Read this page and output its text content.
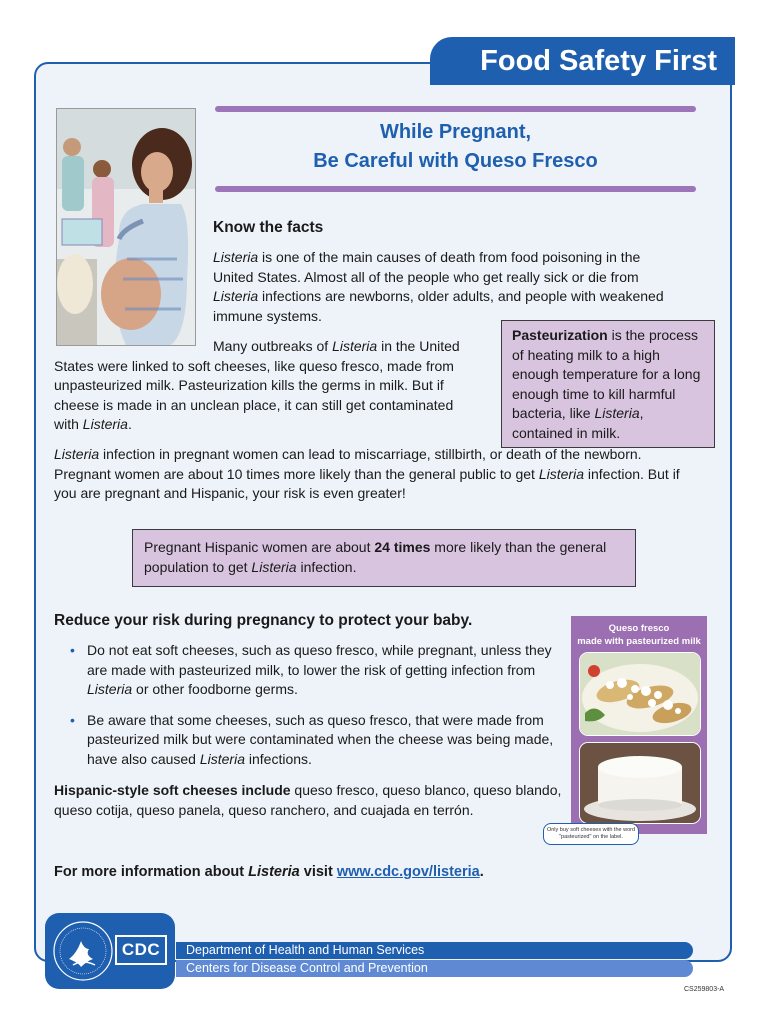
Food Safety First
While Pregnant,
Be Careful with Queso Fresco
Know the facts
Listeria is one of the main causes of death from food poisoning in the United States. Almost all of the people who get really sick or die from Listeria infections are newborns, older adults, and people with weakened immune systems.
Many outbreaks of Listeria in the United States were linked to soft cheeses, like queso fresco, made from unpasteurized milk. Pasteurization kills the germs in milk. But if cheese is made in an unclean place, it can still get contaminated with Listeria.
Pasteurization is the process of heating milk to a high enough temperature for a long enough time to kill harmful bacteria, like Listeria, contained in milk.
Listeria infection in pregnant women can lead to miscarriage, stillbirth, or death of the newborn. Pregnant women are about 10 times more likely than the general public to get Listeria infection. But if you are pregnant and Hispanic, your risk is even greater!
Pregnant Hispanic women are about 24 times more likely than the general population to get Listeria infection.
Reduce your risk during pregnancy to protect your baby.
• Do not eat soft cheeses, such as queso fresco, while pregnant, unless they are made with pasteurized milk, to lower the risk of getting infection from Listeria or other foodborne germs.
• Be aware that some cheeses, such as queso fresco, that were made from pasteurized milk but were contaminated when the cheese was being made, have also caused Listeria infections.
Hispanic-style soft cheeses include queso fresco, queso blanco, queso blando, queso cotija, queso panela, queso ranchero, and cuajada en terrón.
Queso fresco
made with pasteurized milk
Only buy soft cheeses with the word "pasteurized" on the label.
For more information about Listeria visit www.cdc.gov/listeria.
Department of Health and Human Services
Centers for Disease Control and Prevention
CDC
CS259803-A
